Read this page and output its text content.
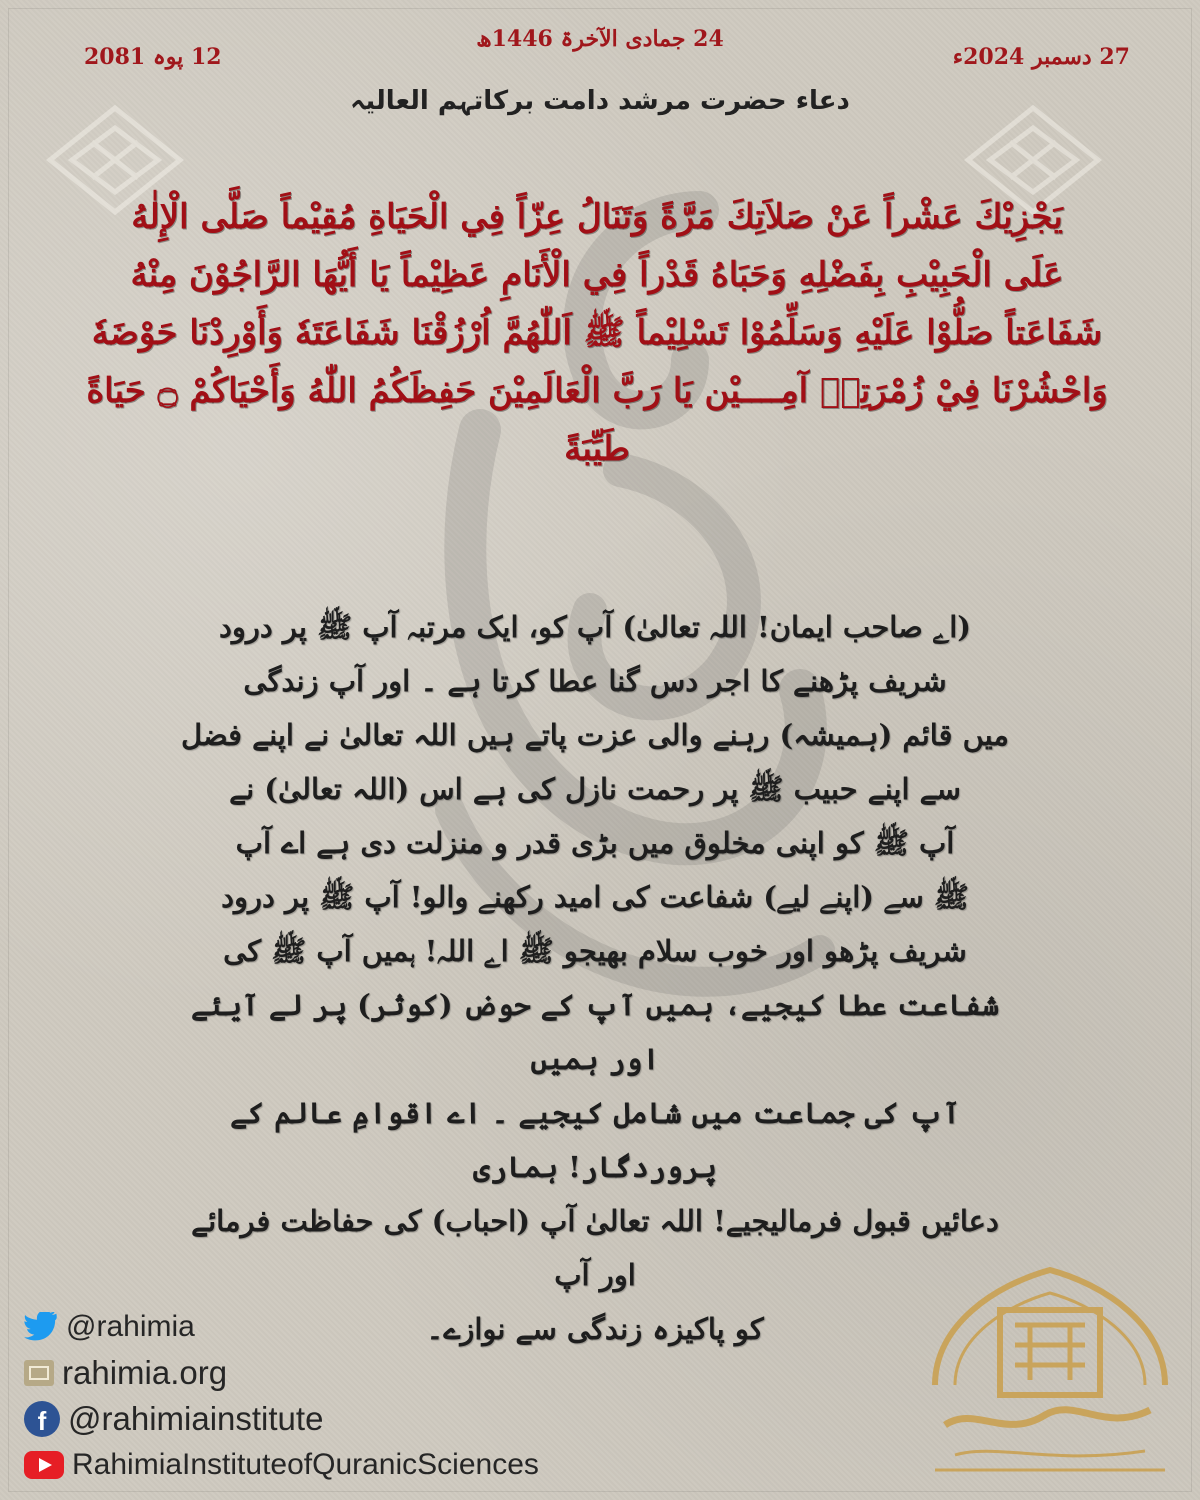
27 دسمبر 2024ء
24 جمادی الآخرۃ 1446ھ
12 پوہ 2081
دعاء حضرت مرشد دامت برکاتہم العالیہ
يَجْزِيْكَ عَشْراً عَنْ صَلاَتِكَ مَرَّةً وَتَنَالُ عِزّاً فِي الْحَيَاةِ مُقِيْماً صَلَّى الْإِلٰهُ
عَلَى الْحَبِيْبِ بِفَضْلِهِ وَحَبَاهُ قَدْراً فِي الْأَنَامِ عَظِيْماً يَا أَيُّهَا الرَّاجُوْنَ مِنْهُ
شَفَاعَتاً صَلُّوْا عَلَيْهِ وَسَلِّمُوْا تَسْلِيْماً ﷺ اَللّٰهُمَّ اُرْزُقْنَا شَفَاعَتَهٗ وَأَوْرِدْنَا حَوْضَهٗ
وَاحْشُرْنَا فِيْ زُمْرَتِهٖ آمِــــيْن يَا رَبَّ الْعَالَمِيْنَ حَفِظَكُمُ اللّٰهُ وَأَحْيَاكُمْ ۝ حَيَاةً
طَيِّبَةً
(اے صاحب ایمان! اللہ تعالیٰ) آپ کو، ایک مرتبہ آپ ﷺ پر درود
شریف پڑھنے کا اجر دس گنا عطا کرتا ہے ۔ اور آپ زندگی
میں قائم (ہمیشہ) رہنے والی عزت پاتے ہیں اللہ تعالیٰ نے اپنے فضل
سے اپنے حبیب ﷺ پر رحمت نازل کی ہے اس (اللہ تعالیٰ) نے
آپ ﷺ کو اپنی مخلوق میں بڑی قدر و منزلت دی ہے اے آپ
ﷺ سے (اپنے لیے) شفاعت کی امید رکھنے والو! آپ ﷺ پر درود
شریف پڑھو اور خوب سلام بھیجو ﷺ اے اللہ! ہمیں آپ ﷺ کی
شفاعت عطا کیجیے، ہمیں آپ کے حوض (کوثر) پر لے آیئے اور ہمیں
آپ کی جماعت میں شامل کیجیے ۔ اے اقوامِ عالم کے پروردگار! ہماری
دعائیں قبول فرمالیجیے! اللہ تعالیٰ آپ (احباب) کی حفاظت فرمائے اور آپ
کو پاکیزہ زندگی سے نوازے۔
@rahimia
rahimia.org
f @rahimiainstitute
RahimiaInstituteofQuranicSciences
